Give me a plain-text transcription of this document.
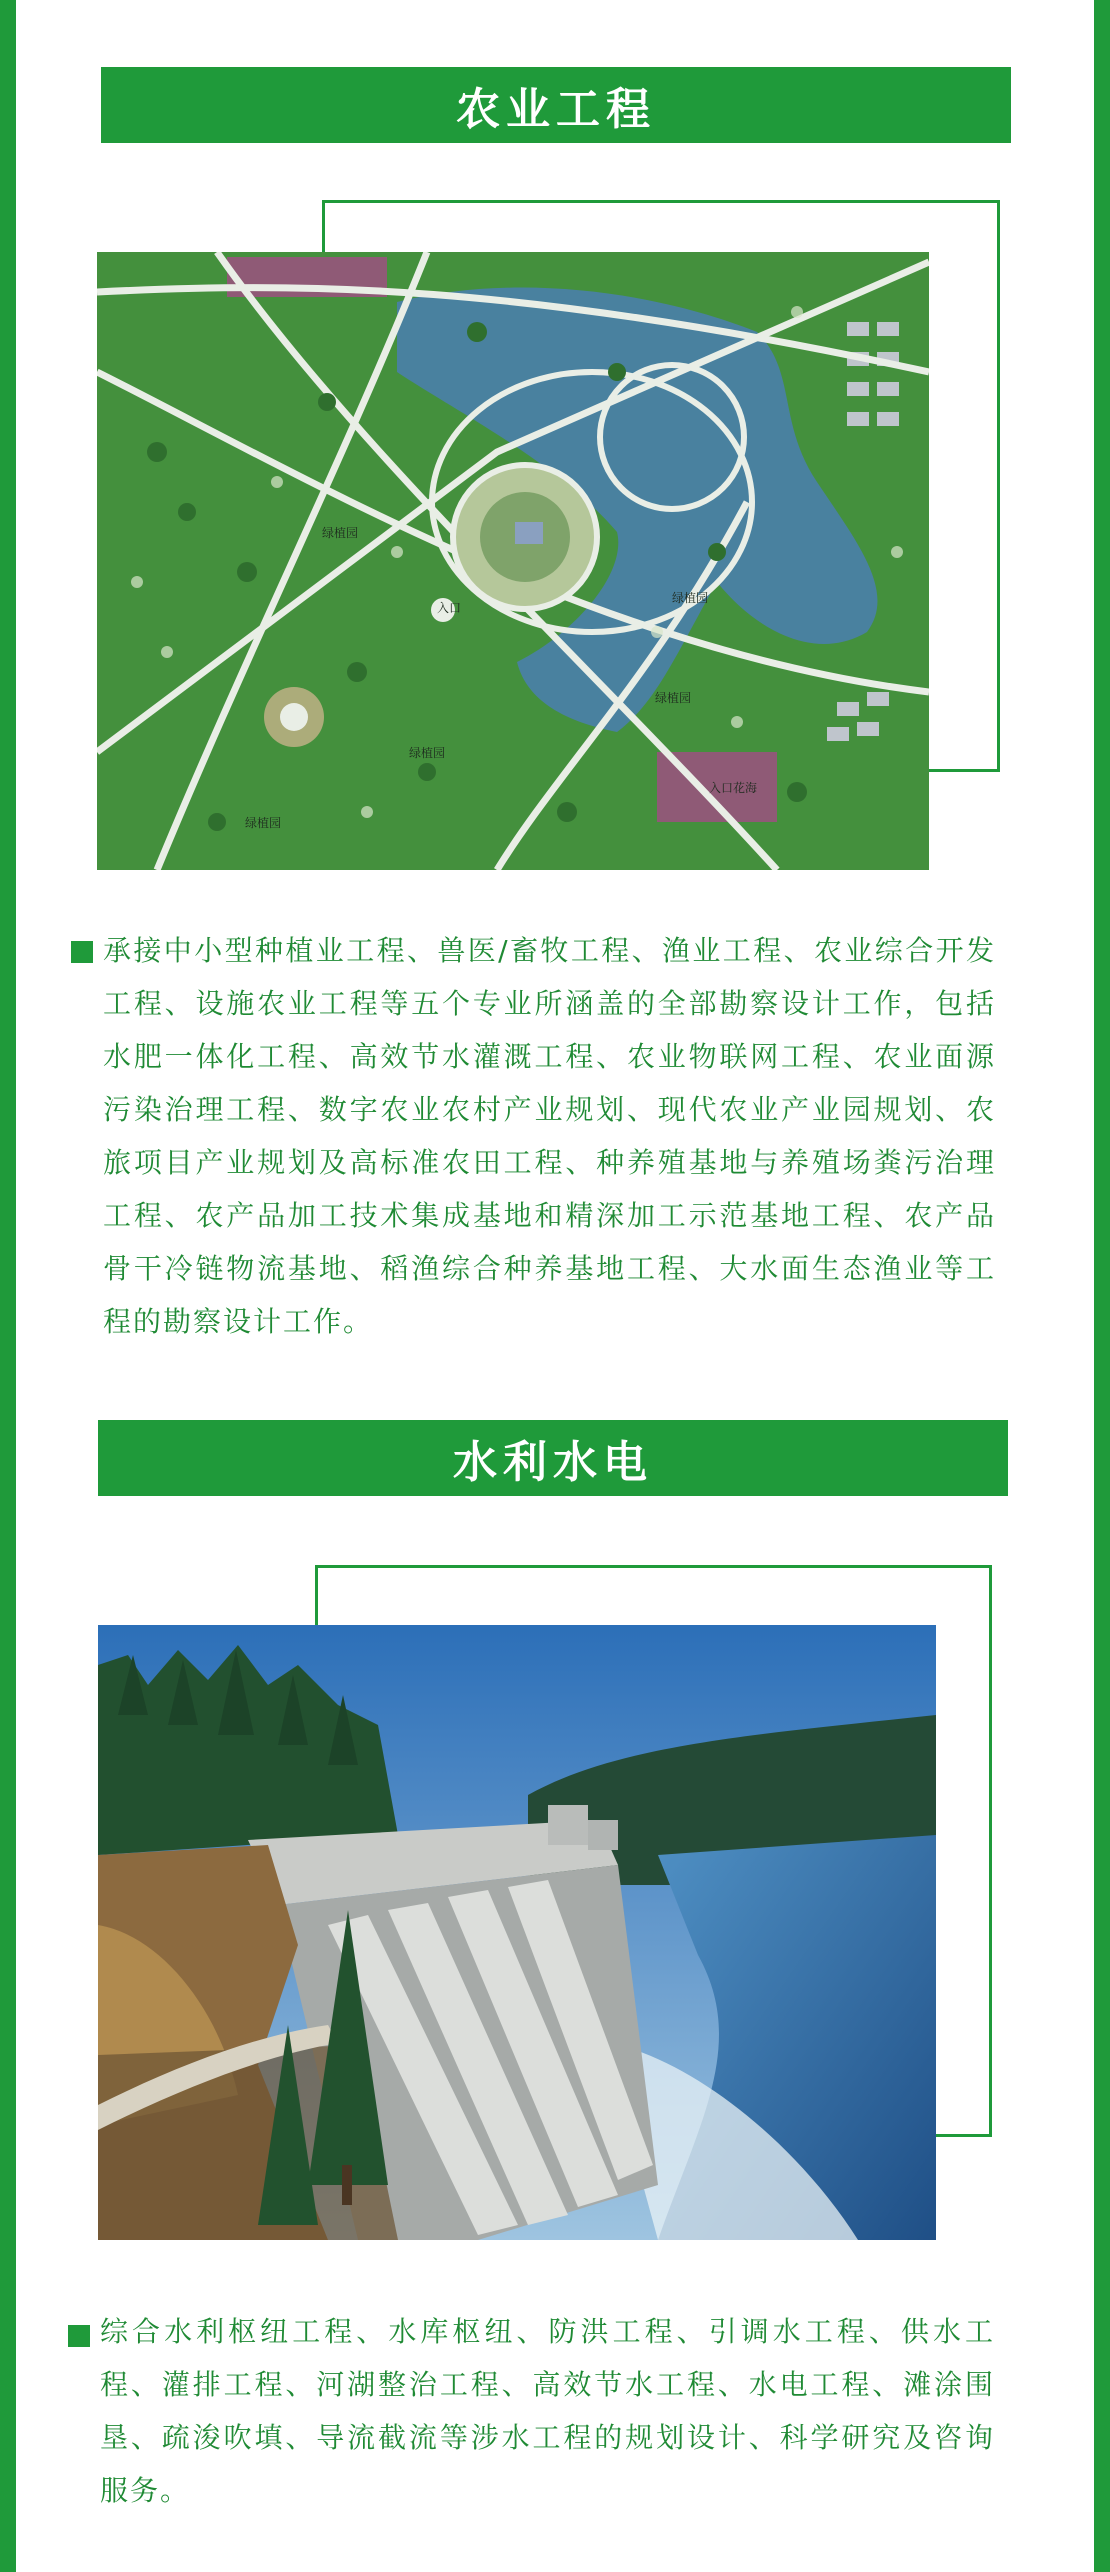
农业工程
绿植园
绿植园
绿植园
绿植园
绿植园
入口
入口花海
承接中小型种植业工程、兽医/畜牧工程、渔业工程、农业综合开发工程、设施农业工程等五个专业所涵盖的全部勘察设计工作，包括水肥一体化工程、高效节水灌溉工程、农业物联网工程、农业面源污染治理工程、数字农业农村产业规划、现代农业产业园规划、农旅项目产业规划及高标准农田工程、种养殖基地与养殖场粪污治理工程、农产品加工技术集成基地和精深加工示范基地工程、农产品骨干冷链物流基地、稻渔综合种养基地工程、大水面生态渔业等工程的勘察设计工作。
水利水电
综合水利枢纽工程、水库枢纽、防洪工程、引调水工程、供水工程、灌排工程、河湖整治工程、高效节水工程、水电工程、滩涂围垦、疏浚吹填、导流截流等涉水工程的规划设计、科学研究及咨询服务。
